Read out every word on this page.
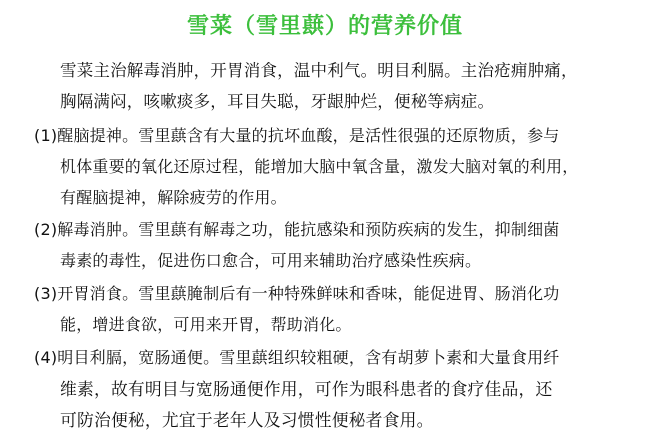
雪菜（雪里蕻）的营养价值
雪菜主治解毒消肿，开胃消食，温中利气。明目利膈。主治疮痈肿痛，
胸隔满闷，咳嗽痰多，耳目失聪，牙龈肿烂，便秘等病症。
(1)醒脑提神。雪里蕻含有大量的抗坏血酸，是活性很强的还原物质，参与
机体重要的氧化还原过程，能增加大脑中氧含量，激发大脑对氧的利用，
有醒脑提神，解除疲劳的作用。
(2)解毒消肿。雪里蕻有解毒之功，能抗感染和预防疾病的发生，抑制细菌
毒素的毒性，促进伤口愈合，可用来辅助治疗感染性疾病。
(3)开胃消食。雪里蕻腌制后有一种特殊鲜味和香味，能促进胃、肠消化功
能，增进食欲，可用来开胃，帮助消化。
(4)明目利膈，宽肠通便。雪里蕻组织较粗硬，含有胡萝卜素和大量食用纤
维素，故有明目与宽肠通便作用，可作为眼科患者的食疗佳品，还
可防治便秘，尤宜于老年人及习惯性便秘者食用。
